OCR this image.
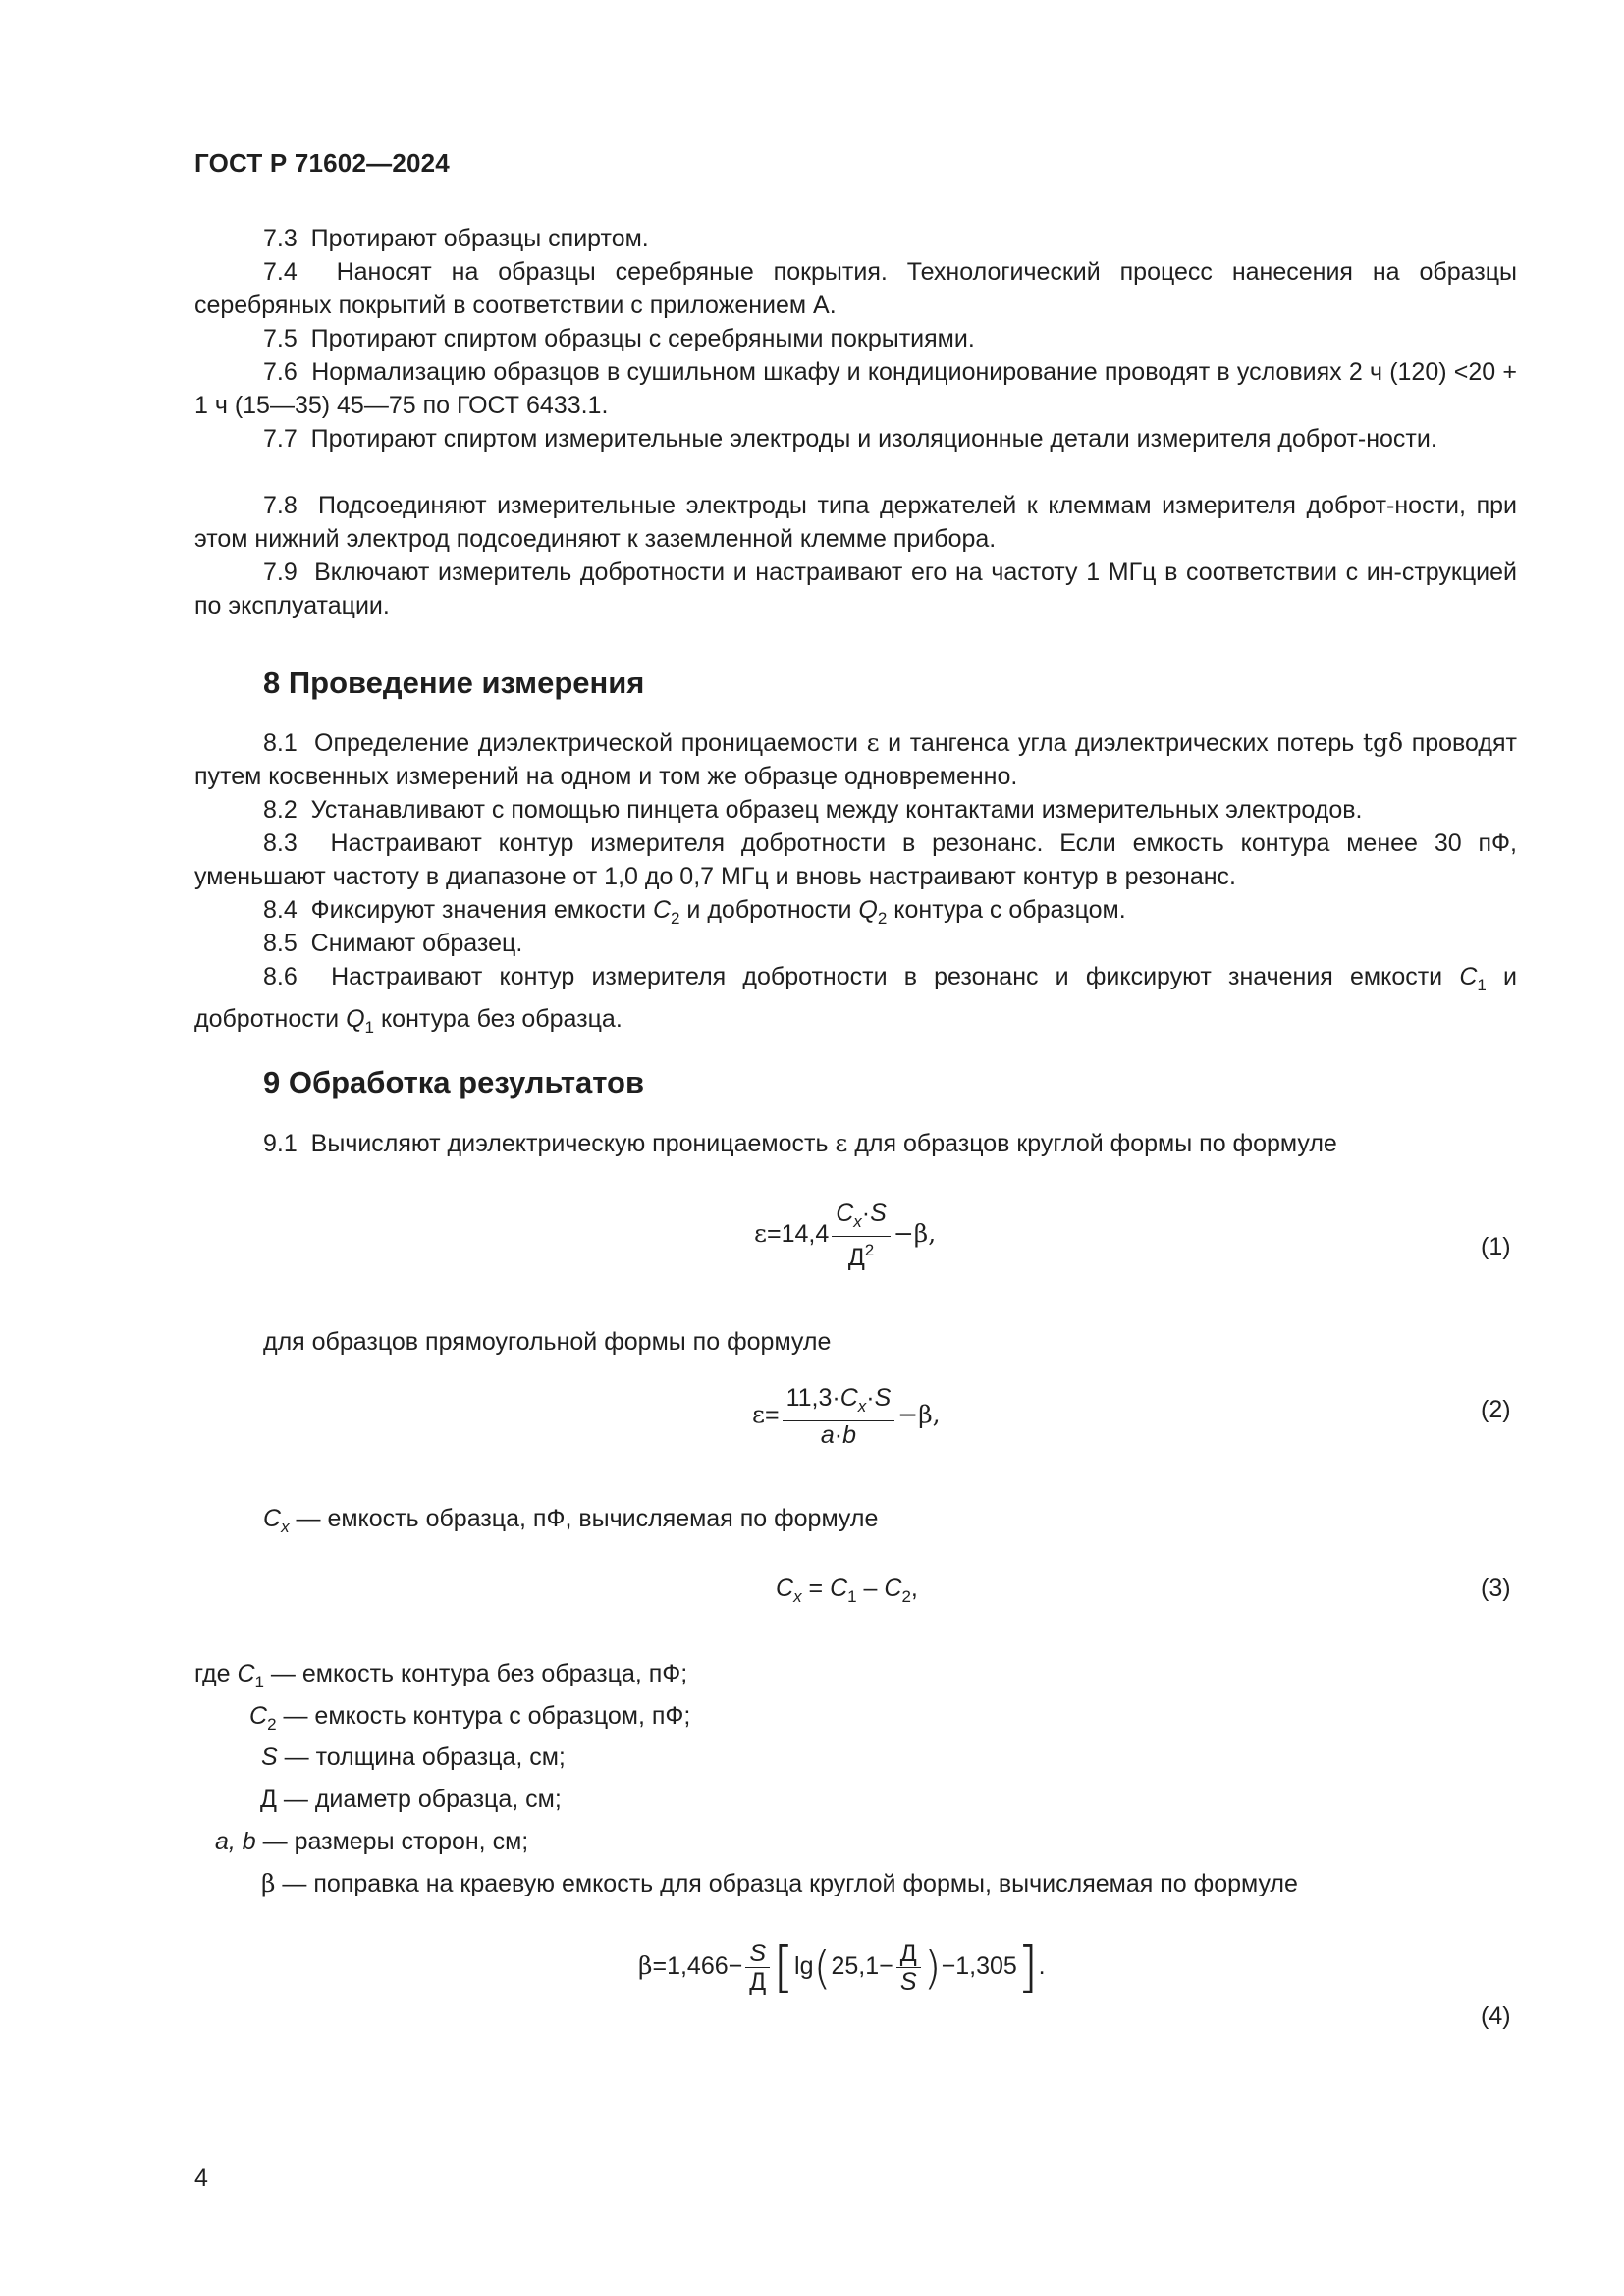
ГОСТ Р 71602—2024

7.3 Протирают образцы спиртом.

7.4 Наносят на образцы серебряные покрытия. Технологический процесс нанесения на образцы серебряных покрытий в соответствии с приложением А.

7.5 Протирают спиртом образцы с серебряными покрытиями.

7.6 Нормализацию образцов в сушильном шкафу и кондиционирование проводят в условиях 2 ч (120) <20 + 1 ч (15—35) 45—75 по ГОСТ 6433.1.

7.7 Протирают спиртом измерительные электроды и изоляционные детали измерителя доброт-ности.

7.8 Подсоединяют измерительные электроды типа держателей к клеммам измерителя доброт-ности, при этом нижний электрод подсоединяют к заземленной клемме прибора.

7.9 Включают измеритель добротности и настраивают его на частоту 1 МГц в соответствии с ин-струкцией по эксплуатации.

8 Проведение измерения

8.1 Определение диэлектрической проницаемости ε и тангенса угла диэлектрических потерь tgδ проводят путем косвенных измерений на одном и том же образце одновременно.

8.2 Устанавливают с помощью пинцета образец между контактами измерительных электродов.

8.3 Настраивают контур измерителя добротности в резонанс. Если емкость контура менее 30 пФ, уменьшают частоту в диапазоне от 1,0 до 0,7 МГц и вновь настраивают контур в резонанс.

8.4 Фиксируют значения емкости $C_2$ и добротности $Q_2$ контура с образцом.

8.5 Снимают образец.

8.6 Настраивают контур измерителя добротности в резонанс и фиксируют значения емкости $C_1$ и добротности $Q_1$ контура без образца.

9 Обработка результатов

9.1 Вычисляют диэлектрическую проницаемость ε для образцов круглой формы по формуле

$\varepsilon=14,4 \frac{C_x\cdot S}{Д^2} -\beta$,	(1)

для образцов прямоугольной формы по формуле

$\varepsilon= \frac{11,3\cdot C_x\cdot S}{a\cdot b} -\beta$,	(2)

$C_x$ — емкость образца, пФ, вычисляемая по формуле

$C_x = C_1 - C_2$,	(3)
где $C_1$ — емкость контура без образца, пФ;
$C_2$ — емкость контура с образцом, пФ;
S — толщина образца, см;
Д — диаметр образца, см;
a, b — размеры сторон, см;
β — поправка на краевую емкость для образца круглой формы, вычисляемая по формуле
$\beta=1,466- \frac{S}{Д} [\lg(25,1- \frac{Д}{S} )-1,305]$.
(4)
4
